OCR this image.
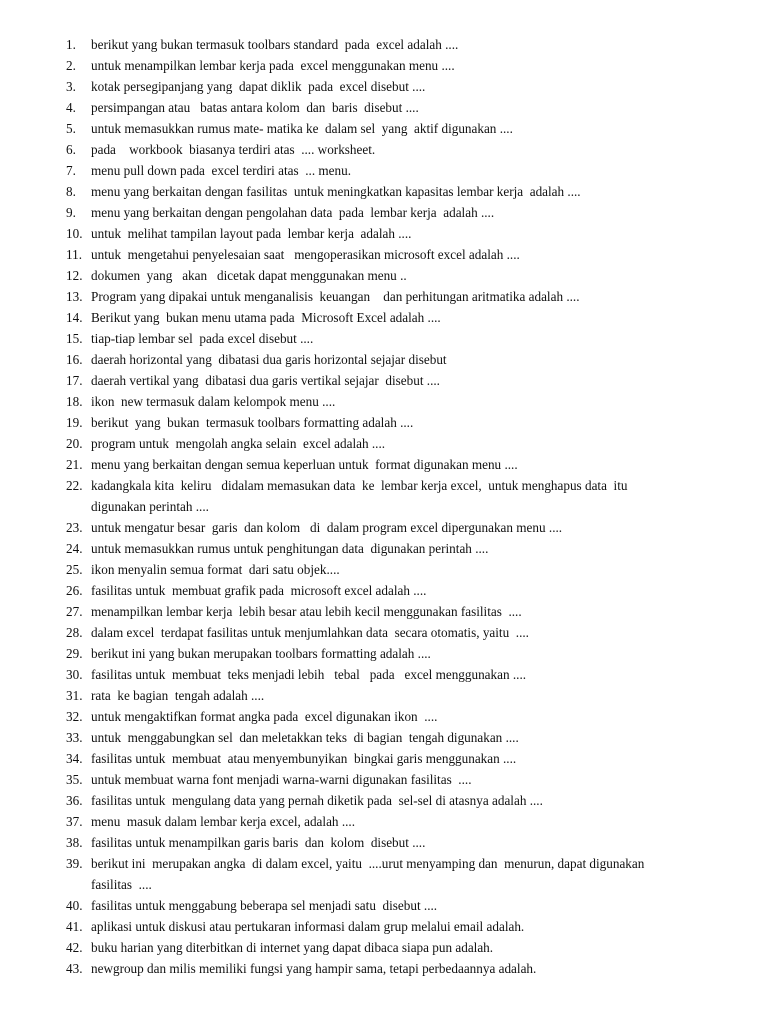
1.	berikut yang bukan termasuk toolbars standard  pada  excel adalah ....
2.	untuk menampilkan lembar kerja pada  excel menggunakan menu ....
3.	kotak persegipanjang yang  dapat diklik  pada  excel disebut ....
4.	persimpangan atau   batas antara kolom  dan  baris  disebut ....
5.	untuk memasukkan rumus mate- matika ke  dalam sel  yang  aktif digunakan ....
6.	pada    workbook  biasanya terdiri atas  .... worksheet.
7.	menu pull down pada  excel terdiri atas  ... menu.
8.	menu yang berkaitan dengan fasilitas  untuk meningkatkan kapasitas lembar kerja  adalah ....
9.	menu yang berkaitan dengan pengolahan data  pada  lembar kerja  adalah ....
10. untuk  melihat tampilan layout pada  lembar kerja  adalah ....
11. untuk  mengetahui penyelesaian saat   mengoperasikan microsoft excel adalah ....
12. dokumen  yang   akan   dicetak dapat menggunakan menu ..
13. Program yang dipakai untuk menganalisis  keuangan    dan perhitungan aritmatika adalah ....
14. Berikut yang  bukan menu utama pada  Microsoft Excel adalah ....
15. tiap-tiap lembar sel  pada excel disebut ....
16. daerah horizontal yang  dibatasi dua garis horizontal sejajar disebut
17. daerah vertikal yang  dibatasi dua garis vertikal sejajar  disebut ....
18. ikon  new termasuk dalam kelompok menu ....
19. berikut  yang  bukan  termasuk toolbars formatting adalah ....
20. program untuk  mengolah angka selain  excel adalah ....
21. menu yang berkaitan dengan semua keperluan untuk  format digunakan menu ....
22. kadangkala kita  keliru   didalam memasukan data  ke  lembar kerja excel,  untuk menghapus data  itu
digunakan perintah ....
23. untuk mengatur besar  garis  dan kolom   di  dalam program excel dipergunakan menu ....
24. untuk memasukkan rumus untuk penghitungan data  digunakan perintah ....
25. ikon menyalin semua format  dari satu objek....
26. fasilitas untuk  membuat grafik pada  microsoft excel adalah ....
27. menampilkan lembar kerja  lebih besar atau lebih kecil menggunakan fasilitas  ....
28. dalam excel  terdapat fasilitas untuk menjumlahkan data  secara otomatis, yaitu  ....
29. berikut ini yang bukan merupakan toolbars formatting adalah ....
30. fasilitas untuk  membuat  teks menjadi lebih   tebal   pada   excel menggunakan ....
31. rata  ke bagian  tengah adalah ....
32. untuk mengaktifkan format angka pada  excel digunakan ikon  ....
33. untuk  menggabungkan sel  dan meletakkan teks  di bagian  tengah digunakan ....
34. fasilitas untuk  membuat  atau menyembunyikan  bingkai garis menggunakan ....
35. untuk membuat warna font menjadi warna-warni digunakan fasilitas  ....
36. fasilitas untuk  mengulang data yang pernah diketik pada  sel-sel di atasnya adalah ....
37. menu  masuk dalam lembar kerja excel, adalah ....
38. fasilitas untuk menampilkan garis baris  dan  kolom  disebut ....
39. berikut ini  merupakan angka  di dalam excel, yaitu  ....urut menyamping dan  menurun, dapat digunakan
fasilitas  ....
40. fasilitas untuk menggabung beberapa sel menjadi satu  disebut ....
41. aplikasi untuk diskusi atau pertukaran informasi dalam grup melalui email adalah.
42. buku harian yang diterbitkan di internet yang dapat dibaca siapa pun adalah.
43. newgroup dan milis memiliki fungsi yang hampir sama, tetapi perbedaannya adalah.
